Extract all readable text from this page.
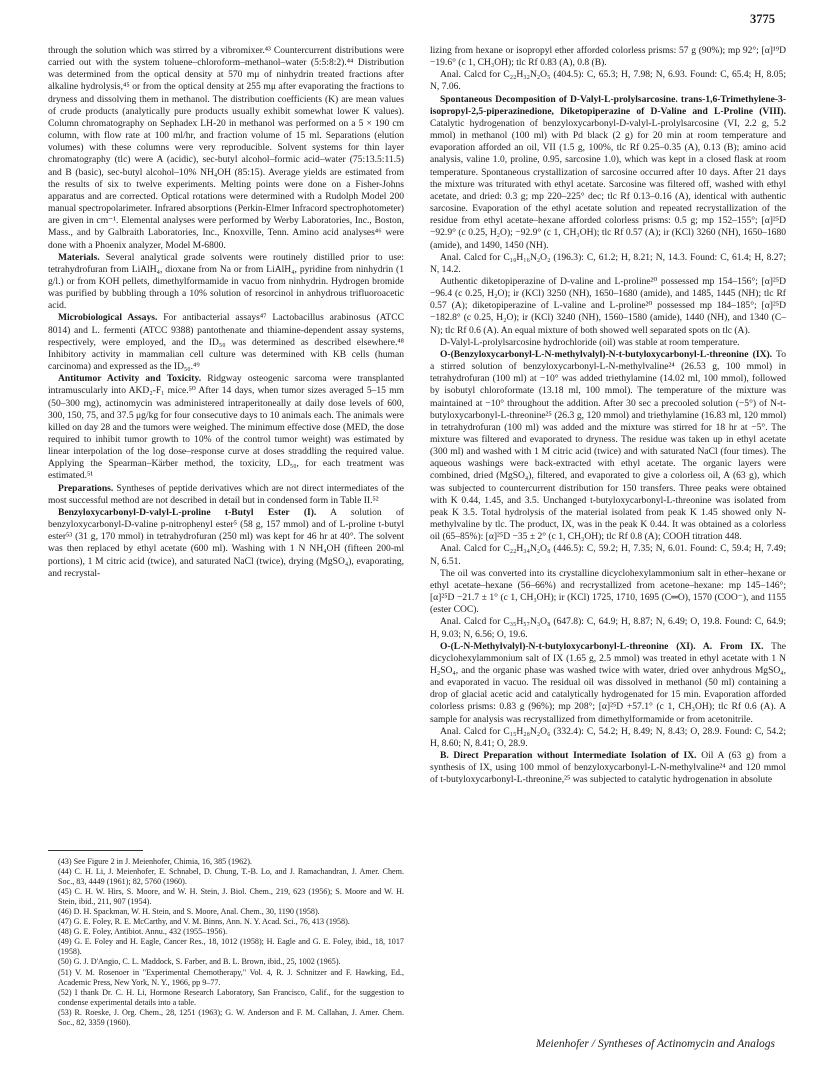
3775

through the solution which was stirred by a vibromixer.⁴³ Countercurrent distributions were carried out with the system toluene–chloroform–methanol–water (5:5:8:2).⁴⁴ Distribution was determined from the optical density at 570 mμ of ninhydrin treated fractions after alkaline hydrolysis,⁴⁵ or from the optical density at 255 mμ after evaporating the fractions to dryness and dissolving them in methanol. The distribution coefficients (K) are mean values of crude products (analytically pure products usually exhibit somewhat lower K values). Column chromatography on Sephadex LH-20 in methanol was performed on a 5 × 190 cm column, with flow rate at 100 ml/hr, and fraction volume of 15 ml. Separations (elution volumes) with these columns were very reproducible. Solvent systems for thin layer chromatography (tlc) were A (acidic), sec-butyl alcohol–formic acid–water (75:13.5:11.5) and B (basic), sec-butyl alcohol–10% NH₄OH (85:15). Average yields are estimated from the results of six to twelve experiments. Melting points were done on a Fisher-Johns apparatus and are corrected. Optical rotations were determined with a Rudolph Model 200 manual spectropolarimeter. Infrared absorptions (Perkin-Elmer Infracord spectrophotometer) are given in cm⁻¹. Elemental analyses were performed by Werby Laboratories, Inc., Boston, Mass., and by Galbraith Laboratories, Inc., Knoxville, Tenn. Amino acid analyses⁴⁶ were done with a Phoenix analyzer, Model M-6800.

Materials. Several analytical grade solvents were routinely distilled prior to use: tetrahydrofuran from LiAlH₄, dioxane from Na or from LiAlH₄, pyridine from ninhydrin (1 g/l.) or from KOH pellets, dimethylformamide in vacuo from ninhydrin. Hydrogen bromide was purified by bubbling through a 10% solution of resorcinol in anhydrous trifluoroacetic acid.

Microbiological Assays. For antibacterial assays⁴⁷ Lactobacillus arabinosus (ATCC 8014) and L. fermenti (ATCC 9388) pantothenate and thiamine-dependent assay systems, respectively, were employed, and the ID₅₀ was determined as described elsewhere.⁴⁸ Inhibitory activity in mammalian cell culture was determined with KB cells (human carcinoma) and expressed as the ID₅₀.⁴⁹

Antitumor Activity and Toxicity. Ridgway osteogenic sarcoma were transplanted intramuscularly into AKD₂-F₁ mice.⁵⁰ After 14 days, when tumor sizes averaged 5–15 mm (50–300 mg), actinomycin was administered intraperitoneally at daily dose levels of 600, 300, 150, 75, and 37.5 μg/kg for four consecutive days to 10 animals each. The animals were killed on day 28 and the tumors were weighed. The minimum effective dose (MED, the dose required to inhibit tumor growth to 10% of the control tumor weight) was estimated by linear interpolation of the log dose–response curve at doses straddling the required value. Applying the Spearman–Kärber method, the toxicity, LD₅₀, for each treatment was estimated.⁵¹

Preparations. Syntheses of peptide derivatives which are not direct intermediates of the most successful method are not described in detail but in condensed form in Table II.⁵²

Benzyloxycarbonyl-D-valyl-L-proline t-Butyl Ester (I). A solution of benzyloxycarbonyl-D-valine p-nitrophenyl ester⁵ (58 g, 157 mmol) and of L-proline t-butyl ester⁵³ (31 g, 170 mmol) in tetrahydrofuran (250 ml) was kept for 46 hr at 40°. The solvent was then replaced by ethyl acetate (600 ml). Washing with 1 N NH₄OH (fifteen 200-ml portions), 1 M citric acid (twice), and saturated NaCl (twice), drying (MgSO₄), evaporating, and recrystal-

(43) See Figure 2 in J. Meienhofer, Chimia, 16, 385 (1962).
(44) C. H. Li, J. Meienhofer, E. Schnabel, D. Chung, T.-B. Lo, and J. Ramachandran, J. Amer. Chem. Soc., 83, 4449 (1961); 82, 5760 (1960).
(45) C. H. W. Hirs, S. Moore, and W. H. Stein, J. Biol. Chem., 219, 623 (1956); S. Moore and W. H. Stein, ibid., 211, 907 (1954).
(46) D. H. Spackman, W. H. Stein, and S. Moore, Anal. Chem., 30, 1190 (1958).
(47) G. E. Foley, R. E. McCarthy, and V. M. Binns, Ann. N. Y. Acad. Sci., 76, 413 (1958).
(48) G. E. Foley, Antibiot. Annu., 432 (1955–1956).
(49) G. E. Foley and H. Eagle, Cancer Res., 18, 1012 (1958); H. Eagle and G. E. Foley, ibid., 18, 1017 (1958).
(50) G. J. D'Angio, C. L. Maddock, S. Farber, and B. L. Brown, ibid., 25, 1002 (1965).
(51) V. M. Rosenoer in "Experimental Chemotherapy," Vol. 4, R. J. Schnitzer and F. Hawking, Ed., Academic Press, New York, N. Y., 1966, pp 9–77.
(52) I thank Dr. C. H. Li, Hormone Research Laboratory, San Francisco, Calif., for the suggestion to condense experimental details into a table.
(53) R. Roeske, J. Org. Chem., 28, 1251 (1963); G. W. Anderson and F. M. Callahan, J. Amer. Chem. Soc., 82, 3359 (1960).

lizing from hexane or isopropyl ether afforded colorless prisms: 57 g (90%); mp 92°; [α]¹⁹D −19.6° (c 1, CH₃OH); tlc Rf 0.83 (A), 0.8 (B).

Anal. Calcd for C₂₂H₃₂N₂O₅ (404.5): C, 65.3; H, 7.98; N, 6.93. Found: C, 65.4; H, 8.05; N, 7.06.

Spontaneous Decomposition of D-Valyl-L-prolylsarcosine. trans-1,6-Trimethylene-3-isopropyl-2,5-piperazinedione, Diketopiperazine of D-Valine and L-Proline (VIII). Catalytic hydrogenation of benzyloxycarbonyl-D-valyl-L-prolylsarcosine (VI, 2.2 g, 5.2 mmol) in methanol (100 ml) with Pd black (2 g) for 20 min at room temperature and evaporation afforded an oil, VII (1.5 g, 100%, tlc Rf 0.25–0.35 (A), 0.13 (B); amino acid analysis, valine 1.0, proline, 0.95, sarcosine 1.0), which was kept in a closed flask at room temperature. Spontaneous crystallization of sarcosine occurred after 10 days. After 21 days the mixture was triturated with ethyl acetate. Sarcosine was filtered off, washed with ethyl acetate, and dried: 0.3 g; mp 220–225° dec; tlc Rf 0.13–0.16 (A), identical with authentic sarcosine. Evaporation of the ethyl acetate solution and repeated recrystallization of the residue from ethyl acetate–hexane afforded colorless prisms: 0.5 g; mp 152–155°; [α]²⁵D −92.9° (c 0.25, H₂O); −92.9° (c 1, CH₃OH); tlc Rf 0.57 (A); ir (KCl) 3260 (NH), 1650–1680 (amide), and 1490, 1450 (NH).

Anal. Calcd for C₁₀H₁₆N₂O₂ (196.3): C, 61.2; H, 8.21; N, 14.3. Found: C, 61.4; H, 8.27; N, 14.2.

Authentic diketopiperazine of D-valine and L-proline²⁰ possessed mp 154–156°; [α]²⁵D −96.4 (c 0.25, H₂O); ir (KCl) 3250 (NH), 1650–1680 (amide), and 1485, 1445 (NH); tlc Rf 0.57 (A); diketopiperazine of L-valine and L-proline²⁰ possessed mp 184–185°; [α]²⁵D −182.8° (c 0.25, H₂O); ir (KCl) 3240 (NH), 1560–1580 (amide), 1440 (NH), and 1340 (C–N); tlc Rf 0.6 (A). An equal mixture of both showed well separated spots on tlc (A).

D-Valyl-L-prolylsarcosine hydrochloride (oil) was stable at room temperature.

O-(Benzyloxycarbonyl-L-N-methylvalyl)-N-t-butyloxycarbonyl-L-threonine (IX). To a stirred solution of benzyloxycarbonyl-L-N-methylvaline²⁴ (26.53 g, 100 mmol) in tetrahydrofuran (100 ml) at −10° was added triethylamine (14.02 ml, 100 mmol), followed by isobutyl chloroformate (13.18 ml, 100 mmol). The temperature of the mixture was maintained at −10° throughout the addition. After 30 sec a precooled solution (−5°) of N-t-butyloxycarbonyl-L-threonine²⁵ (26.3 g, 120 mmol) and triethylamine (16.83 ml, 120 mmol) in tetrahydrofuran (100 ml) was added and the mixture was stirred for 18 hr at −5°. The mixture was filtered and evaporated to dryness. The residue was taken up in ethyl acetate (300 ml) and washed with 1 M citric acid (twice) and with saturated NaCl (four times). The aqueous washings were back-extracted with ethyl acetate. The organic layers were combined, dried (MgSO₄), filtered, and evaporated to give a colorless oil, A (63 g), which was subjected to countercurrent distribution for 150 transfers. Three peaks were obtained with K 0.44, 1.45, and 3.5. Unchanged t-butyloxycarbonyl-L-threonine was isolated from peak K 3.5. Total hydrolysis of the material isolated from peak K 1.45 showed only N-methylvaline by tlc. The product, IX, was in the peak K 0.44. It was obtained as a colorless oil (65–85%): [α]²⁵D −35 ± 2° (c 1, CH₃OH); tlc Rf 0.8 (A); COOH titration 448.

Anal. Calcd for C₂₂H₃₄N₂O₈ (446.5): C, 59.2; H, 7.35; N, 6.01. Found: C, 59.4; H, 7.49; N, 6.51.

The oil was converted into its crystalline dicyclohexylammonium salt in ether–hexane or ethyl acetate–hexane (56–66%) and recrystallized from acetone–hexane: mp 145–146°; [α]²⁵D −21.7 ± 1° (c 1, CH₃OH); ir (KCl) 1725, 1710, 1695 (C═O), 1570 (COO⁻), and 1155 (ester COC).

Anal. Calcd for C₃₅H₅₇N₃O₈ (647.8): C, 64.9; H, 8.87; N, 6.49; O, 19.8. Found: C, 64.9; H, 9.03; N, 6.56; O, 19.6.

O-(L-N-Methylvalyl)-N-t-butyloxycarbonyl-L-threonine (XI). A. From IX. The dicyclohexylammonium salt of IX (1.65 g, 2.5 mmol) was treated in ethyl acetate with 1 N H₂SO₄, and the organic phase was washed twice with water, dried over anhydrous MgSO₄, and evaporated in vacuo. The residual oil was dissolved in methanol (50 ml) containing a drop of glacial acetic acid and catalytically hydrogenated for 15 min. Evaporation afforded colorless prisms: 0.83 g (96%); mp 208°; [α]²⁵D +57.1° (c 1, CH₃OH); tlc Rf 0.6 (A). A sample for analysis was recrystallized from dimethylformamide or from acetonitrile.

Anal. Calcd for C₁₅H₂₈N₂O₆ (332.4): C, 54.2; H, 8.49; N, 8.43; O, 28.9. Found: C, 54.2; H, 8.60; N, 8.41; O, 28.9.

B. Direct Preparation without Intermediate Isolation of IX. Oil A (63 g) from a synthesis of IX, using 100 mmol of benzyloxycarbonyl-L-N-methylvaline²⁴ and 120 mmol of t-butyloxycarbonyl-L-threonine,²⁵ was subjected to catalytic hydrogenation in absolute

Meienhofer / Syntheses of Actinomycin and Analogs
